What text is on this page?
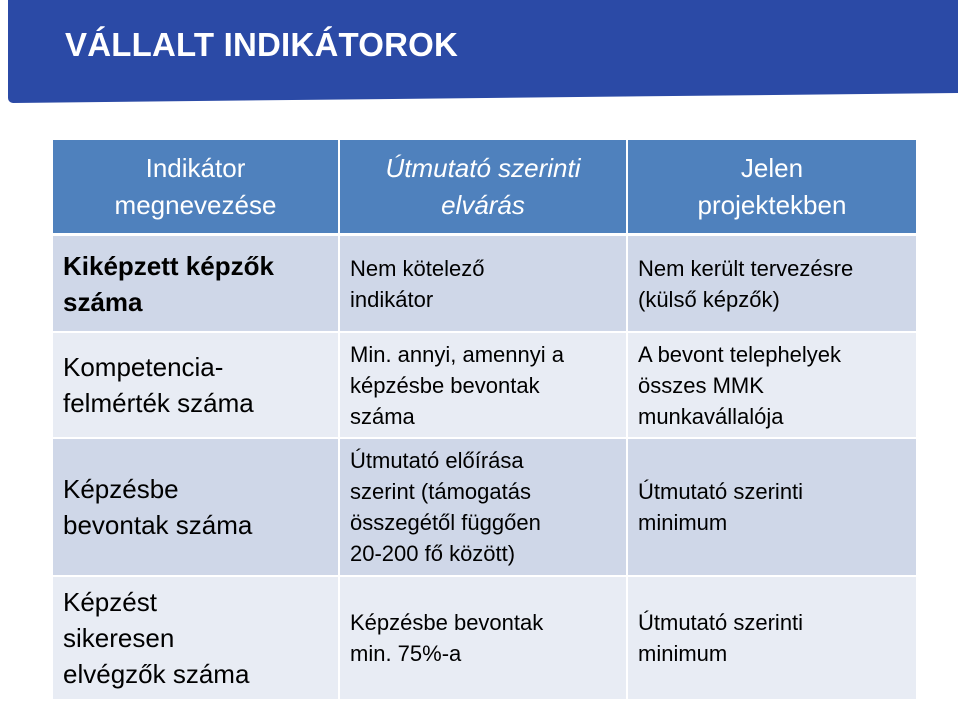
VÁLLALT INDIKÁTOROK
Indikátor
megnevezése
Útmutató szerinti
elvárás
Jelen
projektekben
Kiképzett képzők
száma
Nem kötelező
indikátor
Nem került tervezésre
(külső képzők)
Kompetencia-
felmérték száma
Min. annyi, amennyi a
képzésbe bevontak
száma
A bevont telephelyek
összes MMK
munkavállalója
Képzésbe
bevontak száma
Útmutató előírása
szerint (támogatás
összegétől függően
20-200 fő között)
Útmutató szerinti
minimum
Képzést
sikeresen
elvégzők száma
Képzésbe bevontak
min. 75%-a
Útmutató szerinti
minimum
